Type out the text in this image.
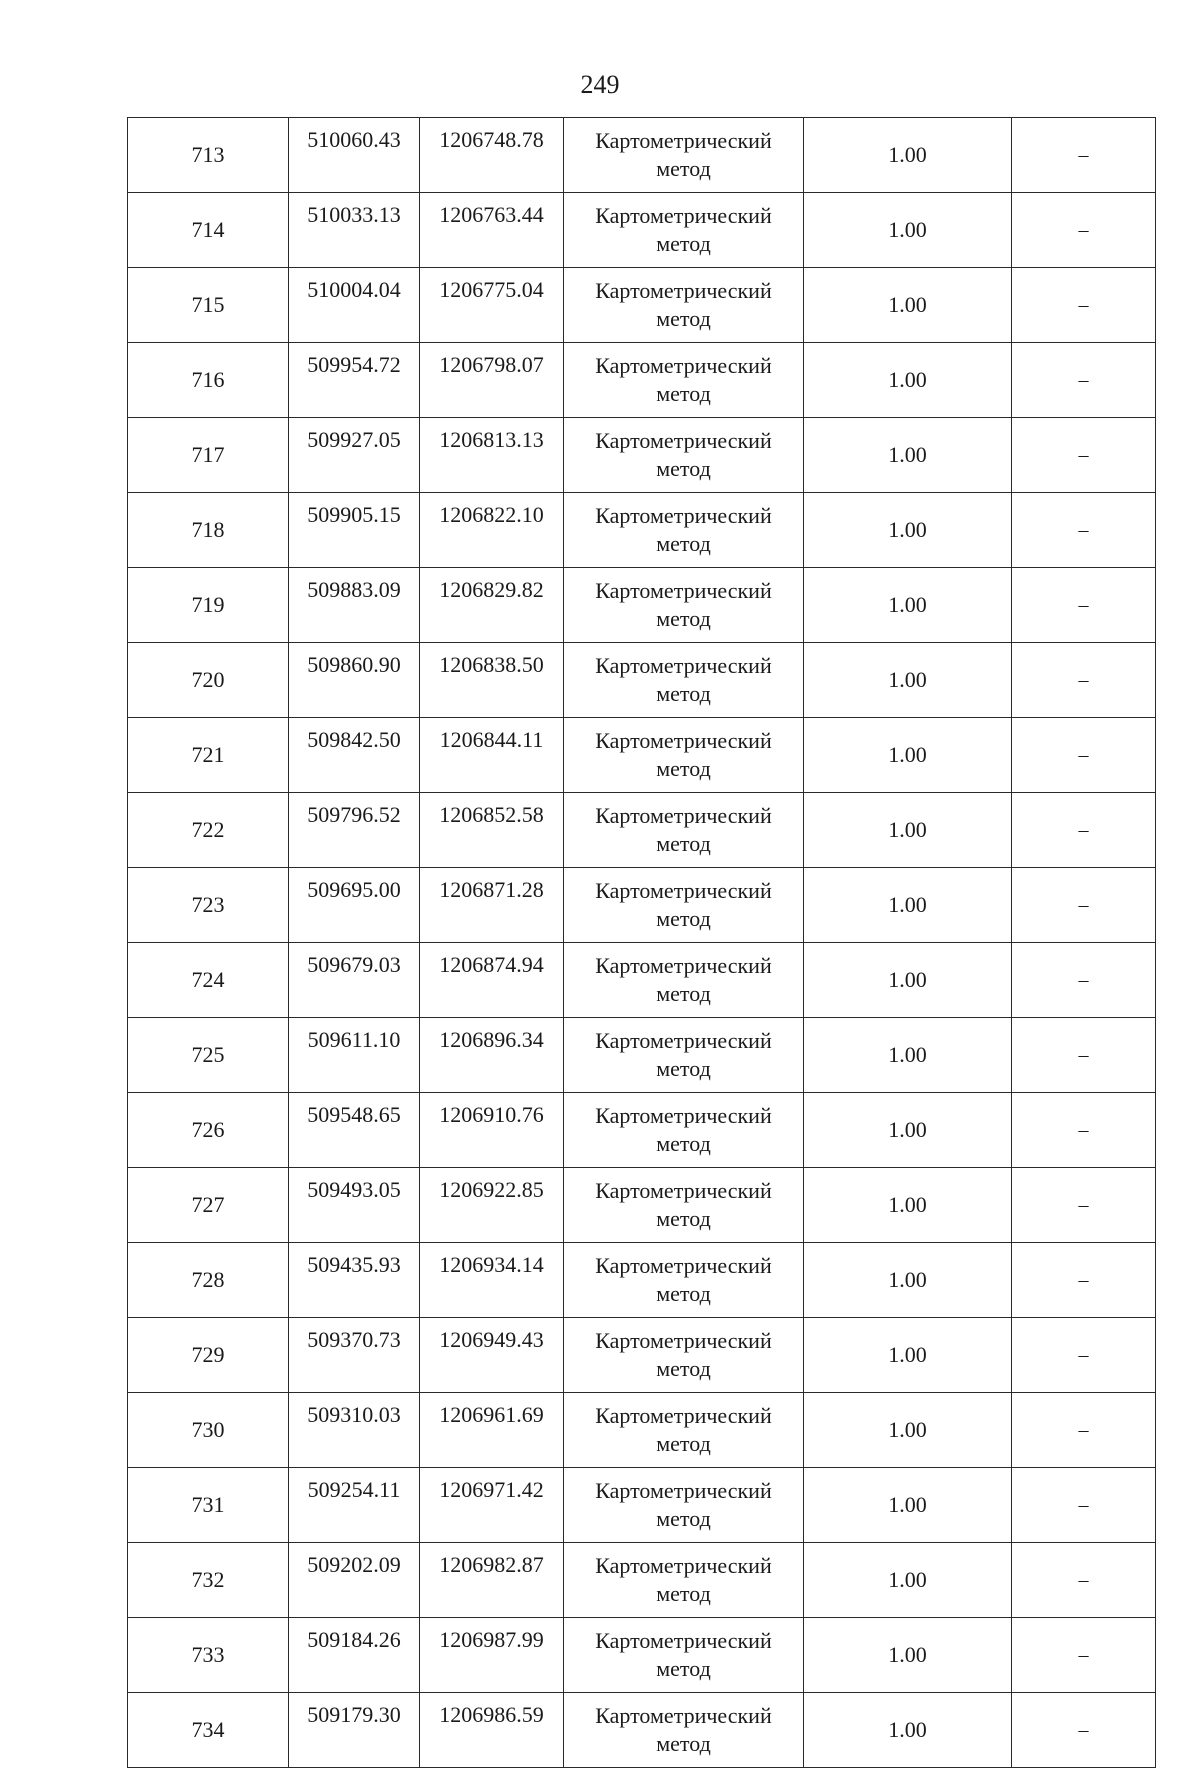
249
713	510060.43	1206748.78	Картометрический
метод	1.00	–
714	510033.13	1206763.44	Картометрический
метод	1.00	–
715	510004.04	1206775.04	Картометрический
метод	1.00	–
716	509954.72	1206798.07	Картометрический
метод	1.00	–
717	509927.05	1206813.13	Картометрический
метод	1.00	–
718	509905.15	1206822.10	Картометрический
метод	1.00	–
719	509883.09	1206829.82	Картометрический
метод	1.00	–
720	509860.90	1206838.50	Картометрический
метод	1.00	–
721	509842.50	1206844.11	Картометрический
метод	1.00	–
722	509796.52	1206852.58	Картометрический
метод	1.00	–
723	509695.00	1206871.28	Картометрический
метод	1.00	–
724	509679.03	1206874.94	Картометрический
метод	1.00	–
725	509611.10	1206896.34	Картометрический
метод	1.00	–
726	509548.65	1206910.76	Картометрический
метод	1.00	–
727	509493.05	1206922.85	Картометрический
метод	1.00	–
728	509435.93	1206934.14	Картометрический
метод	1.00	–
729	509370.73	1206949.43	Картометрический
метод	1.00	–
730	509310.03	1206961.69	Картометрический
метод	1.00	–
731	509254.11	1206971.42	Картометрический
метод	1.00	–
732	509202.09	1206982.87	Картометрический
метод	1.00	–
733	509184.26	1206987.99	Картометрический
метод	1.00	–
734	509179.30	1206986.59	Картометрический
метод	1.00	–
